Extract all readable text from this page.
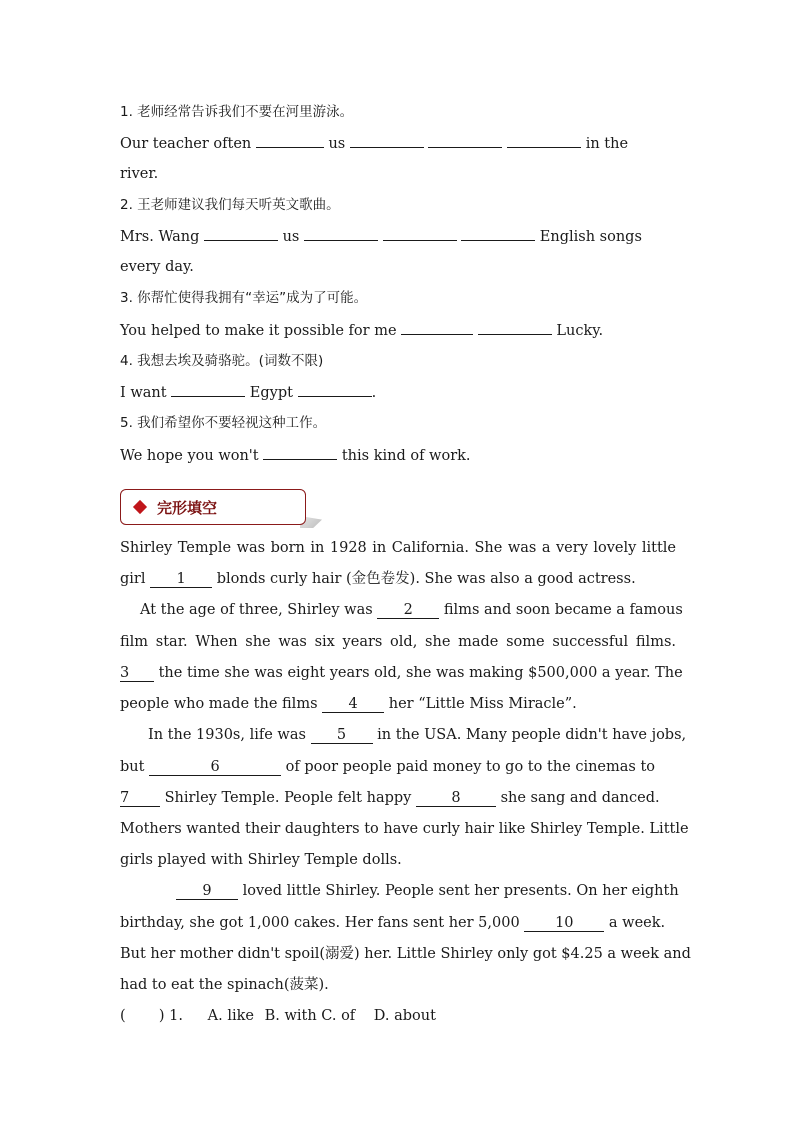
1. 老师经常告诉我们不要在河里游泳。
Our teacher often	us	in the
river.
2. 王老师建议我们每天听英文歌曲。
Mrs. Wang	us	English songs
every day.
3. 你帮忙使得我拥有“幸运”成为了可能。
You helped to make it possible for me	Lucky.
4. 我想去埃及骑骆驼。(词数不限)
I want	Egypt	.
5. 我们希望你不要轻视这种工作。
We hope you won't	this kind of work.
完形填空
Shirley Temple was born in 1928 in California. She was a very lovely little
girl 1 blonds curly hair (金色卷发). She was also a good actress.
At the age of three, Shirley was 2 films and soon became a famous
film star. When she was six years old, she made some successful films.
3 the time she was eight years old, she was making $500,000 a year. The
people who made the films 4 her “Little Miss Miracle”.
In the 1930s, life was 5 in the USA. Many people didn't have jobs,
but	6	of poor people paid money to go to the cinemas to
7 Shirley Temple. People felt happy	8	she sang and danced.
Mothers wanted their daughters to have curly hair like Shirley Temple. Little
girls played with Shirley Temple dolls.
9 loved little Shirley. People sent her presents. On her eighth
birthday, she got 1,000 cakes. Her fans sent her 5,000 10 a week.
But her mother didn't spoil(溺爱) her. Little Shirley only got $4.25 a week and
had to eat the spinach(菠菜).
( ) 1. A. like B. with C. of D. about
